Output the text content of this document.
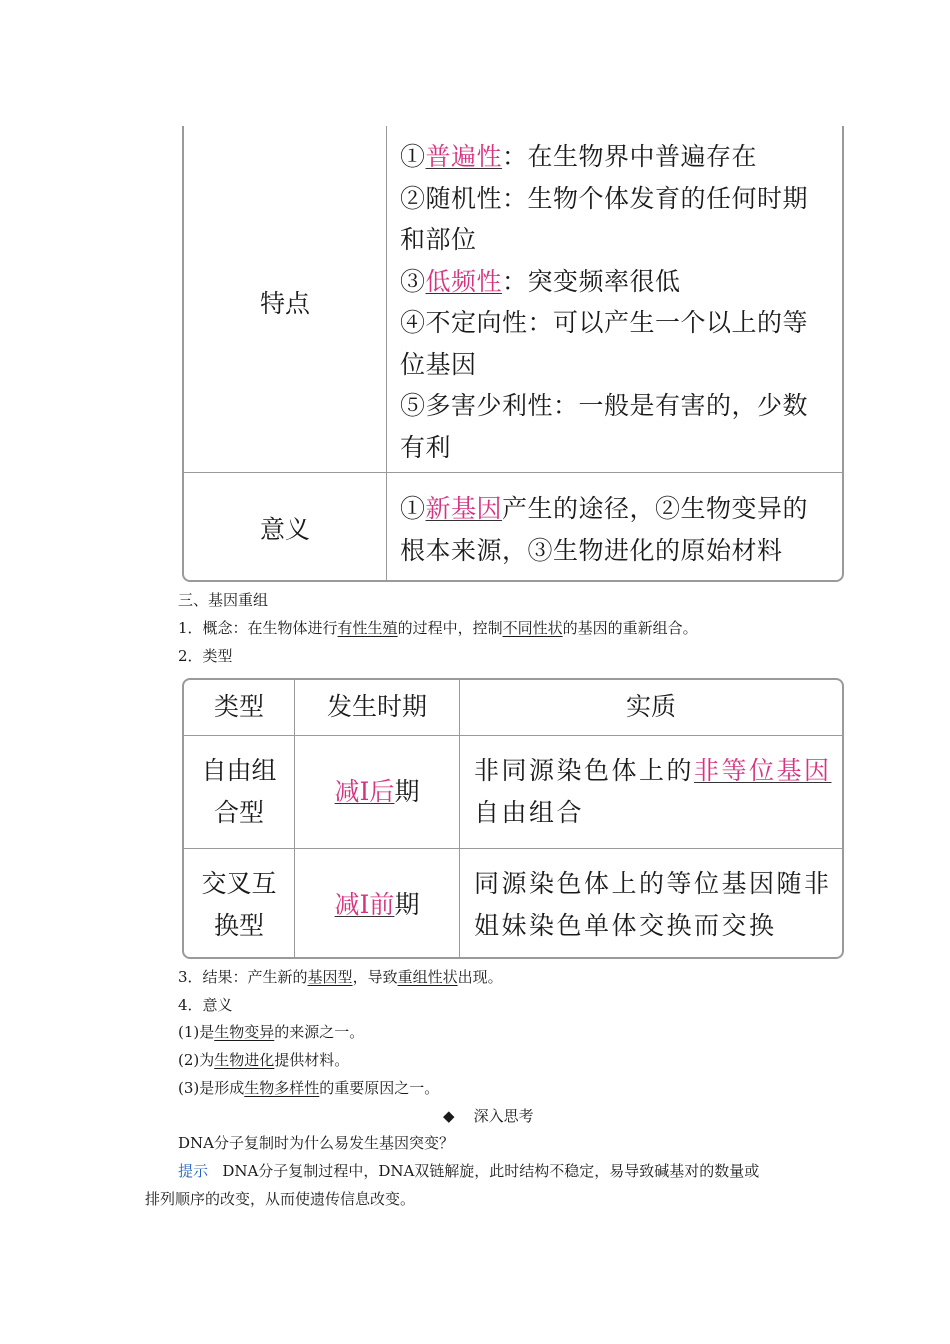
特点
①普遍性：在生物界中普遍存在
②随机性：生物个体发育的任何时期和部位
③低频性：突变频率很低
④不定向性：可以产生一个以上的等位基因
⑤多害少利性：一般是有害的，少数有利
意义
①新基因产生的途径，②生物变异的根本来源，③生物进化的原始材料
三、基因重组
1．概念：在生物体进行有性生殖的过程中，控制不同性状的基因的重新组合。
2．类型
类型	发生时期	实质
自由组合型
减Ⅰ后期
非同源染色体上的非等位基因自由组合
交叉互换型
减Ⅰ前期
同源染色体上的等位基因随非姐妹染色单体交换而交换
3．结果：产生新的基因型，导致重组性状出现。
4．意义
(1)是生物变异的来源之一。
(2)为生物进化提供材料。
(3)是形成生物多样性的重要原因之一。
◆ 深入思考
DNA分子复制时为什么易发生基因突变？
提示 DNA分子复制过程中，DNA双链解旋，此时结构不稳定，易导致碱基对的数量或
排列顺序的改变，从而使遗传信息改变。
